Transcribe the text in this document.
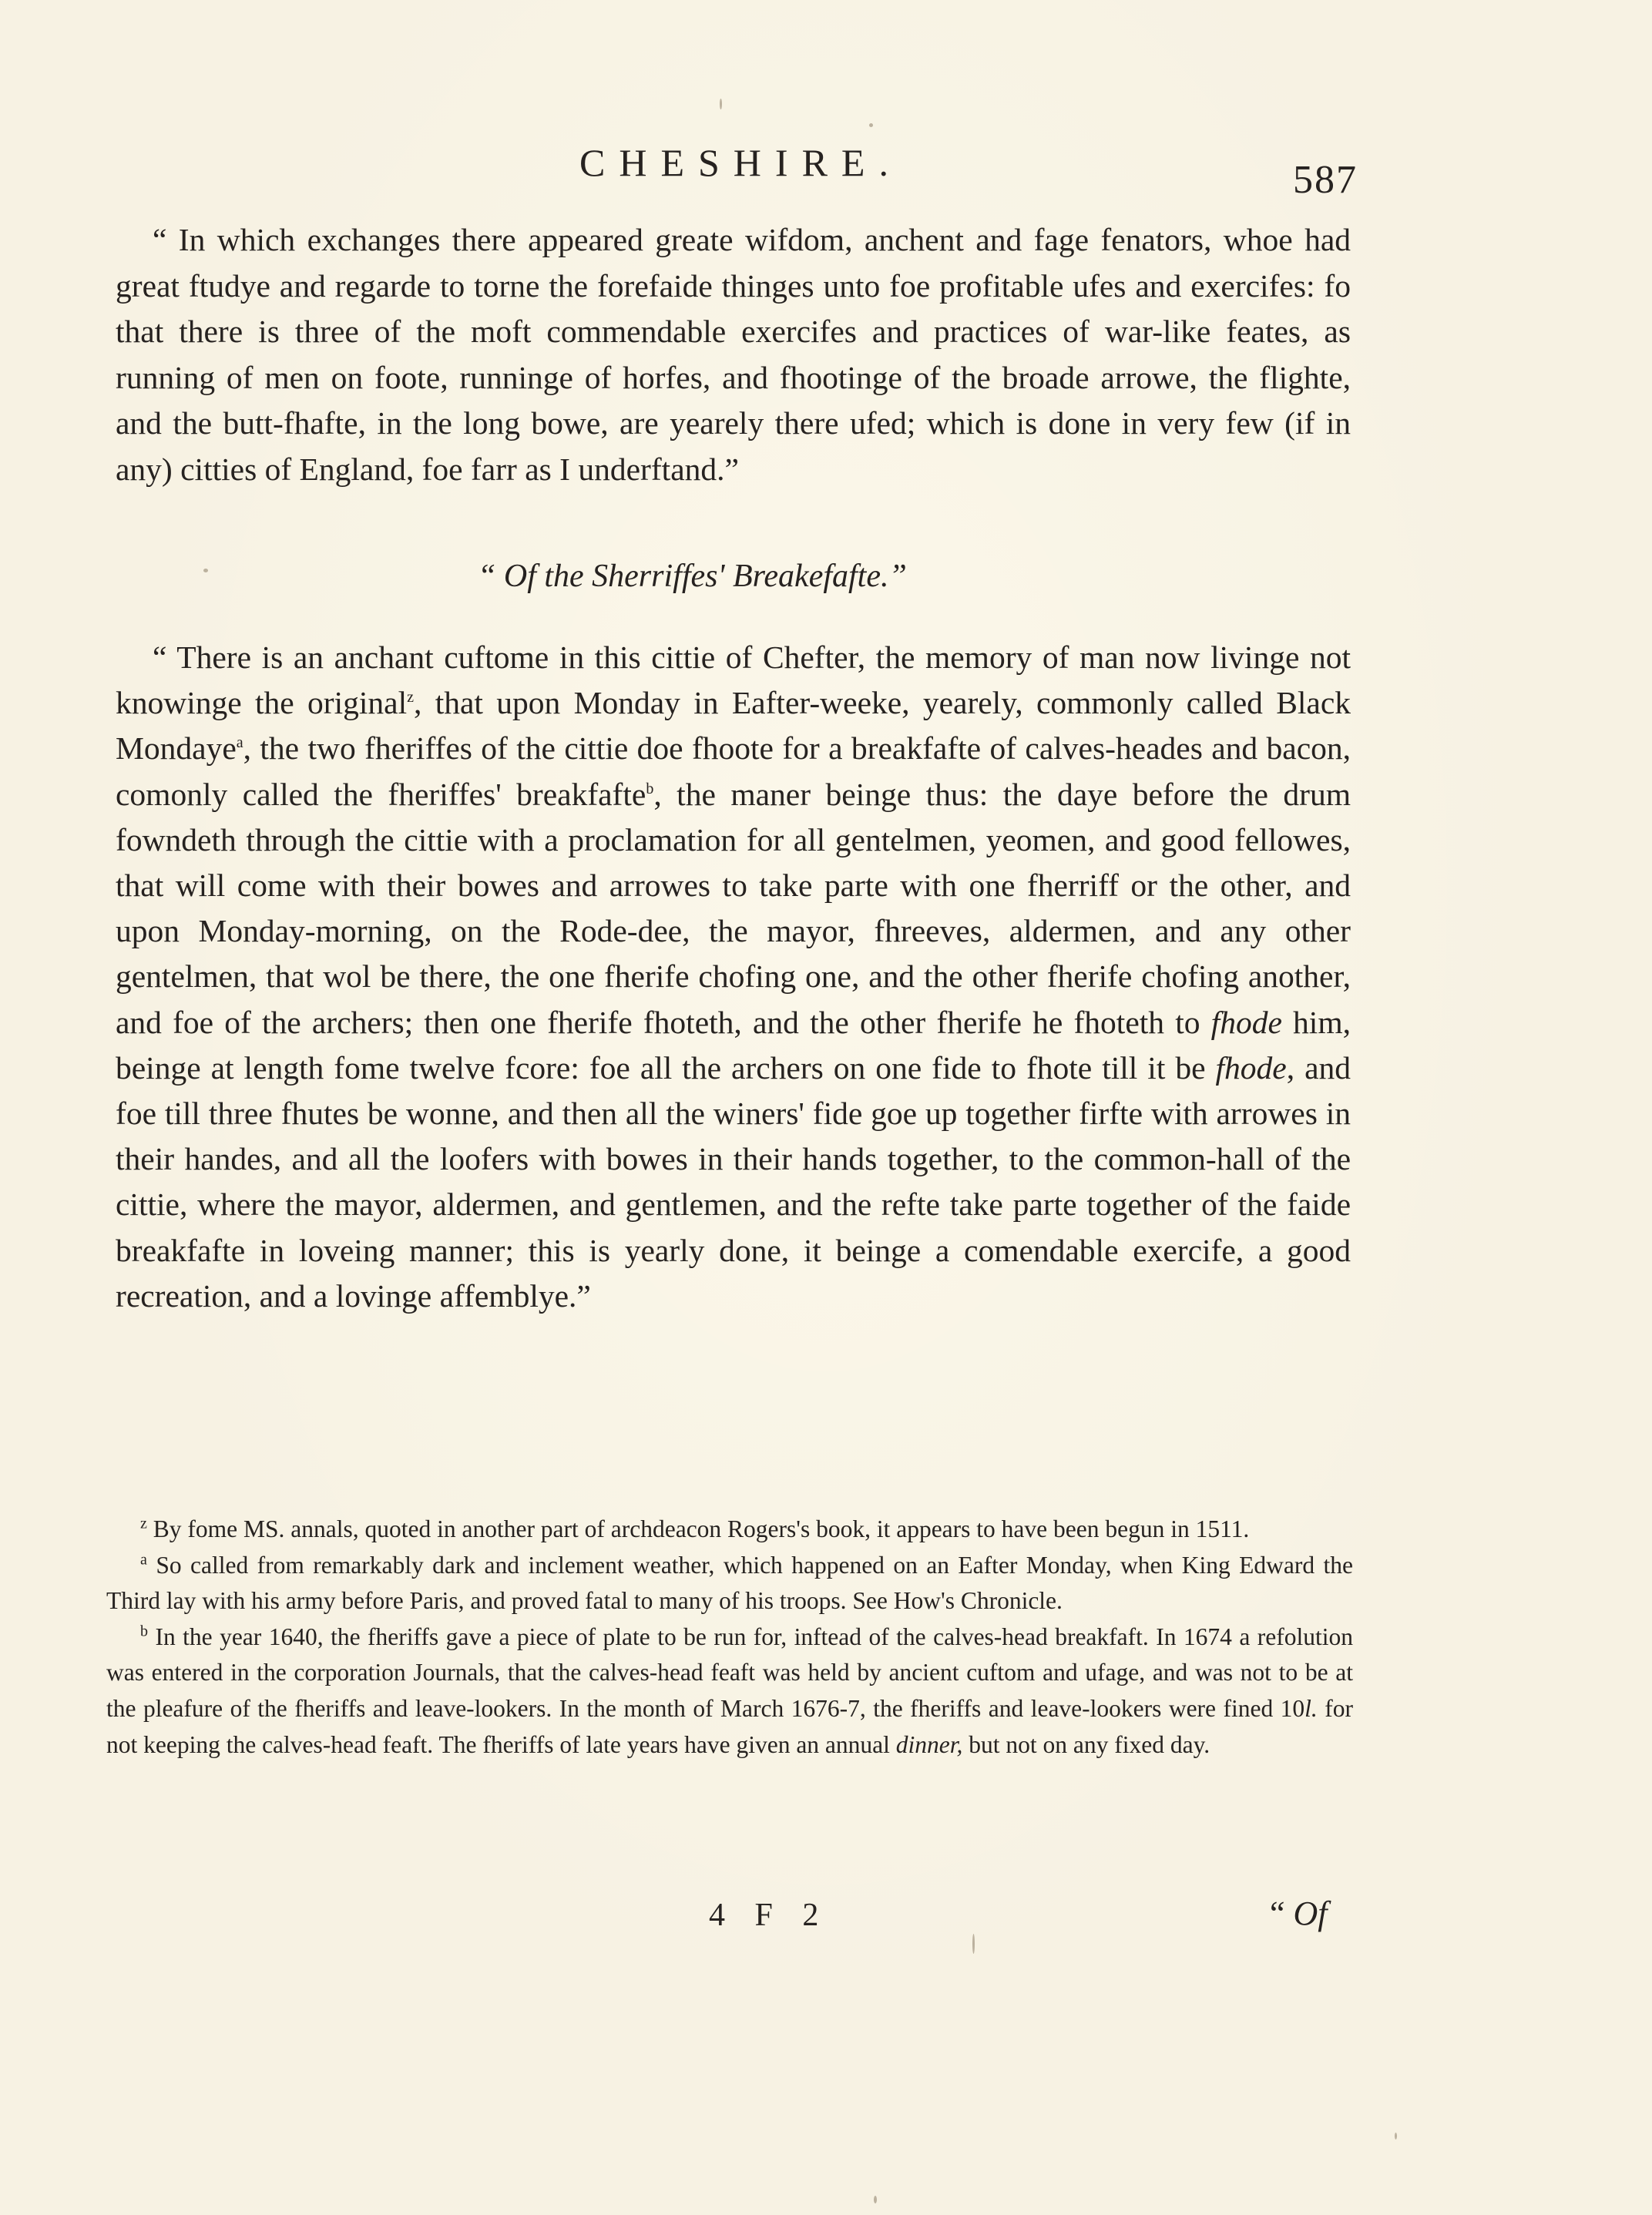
CHESHIRE.	587

“ In which exchanges there appeared greate wifdom, anchent and fage fenators, whoe had great ftudye and regarde to torne the forefaide thinges unto foe profitable ufes and exercifes: fo that there is three of the moft commendable exercifes and practices of war-like feates, as running of men on foote, runninge of horfes, and fhootinge of the broade arrowe, the flighte, and the butt-fhafte, in the long bowe, are yearely there ufed; which is done in very few (if in any) citties of England, foe farr as I underftand.”

“ Of the Sherriffes' Breakefafte.”

“ There is an anchant cuftome in this cittie of Chefter, the memory of man now livinge not knowinge the original$^z$, that upon Monday in Eafter-weeke, yearely, commonly called Black Mondaye$^a$, the two fheriffes of the cittie doe fhoote for a breakfafte of calves-heades and bacon, comonly called the fheriffes' breakfafte$^b$, the maner beinge thus: the daye before the drum fowndeth through the cittie with a proclamation for all gentelmen, yeomen, and good fellowes, that will come with their bowes and arrowes to take parte with one fherriff or the other, and upon Monday-morning, on the Rode-dee, the mayor, fhreeves, aldermen, and any other gentelmen, that wol be there, the one fherife chofing one, and the other fherife chofing another, and foe of the archers; then one fherife fhoteth, and the other fherife he fhoteth to fhode him, beinge at length fome twelve fcore: foe all the archers on one fide to fhote till it be fhode, and foe till three fhutes be wonne, and then all the winers' fide goe up together firfte with arrowes in their handes, and all the loofers with bowes in their hands together, to the common-hall of the cittie, where the mayor, aldermen, and gentlemen, and the refte take parte together of the faide breakfafte in loveing manner; this is yearly done, it beinge a comendable exercife, a good recreation, and a lovinge affemblye.”

$^z$ By fome MS. annals, quoted in another part of archdeacon Rogers's book, it appears to have been begun in 1511.

$^a$ So called from remarkably dark and inclement weather, which happened on an Eafter Monday, when King Edward the Third lay with his army before Paris, and proved fatal to many of his troops. See How's Chronicle.

$^b$ In the year 1640, the fheriffs gave a piece of plate to be run for, inftead of the calves-head breakfaft. In 1674 a refolution was entered in the corporation Journals, that the calves-head feaft was held by ancient cuftom and ufage, and was not to be at the pleafure of the fheriffs and leave-lookers. In the month of March 1676-7, the fheriffs and leave-lookers were fined 10l. for not keeping the calves-head feaft. The fheriffs of late years have given an annual dinner, but not on any fixed day.

4 F 2	“ Of
